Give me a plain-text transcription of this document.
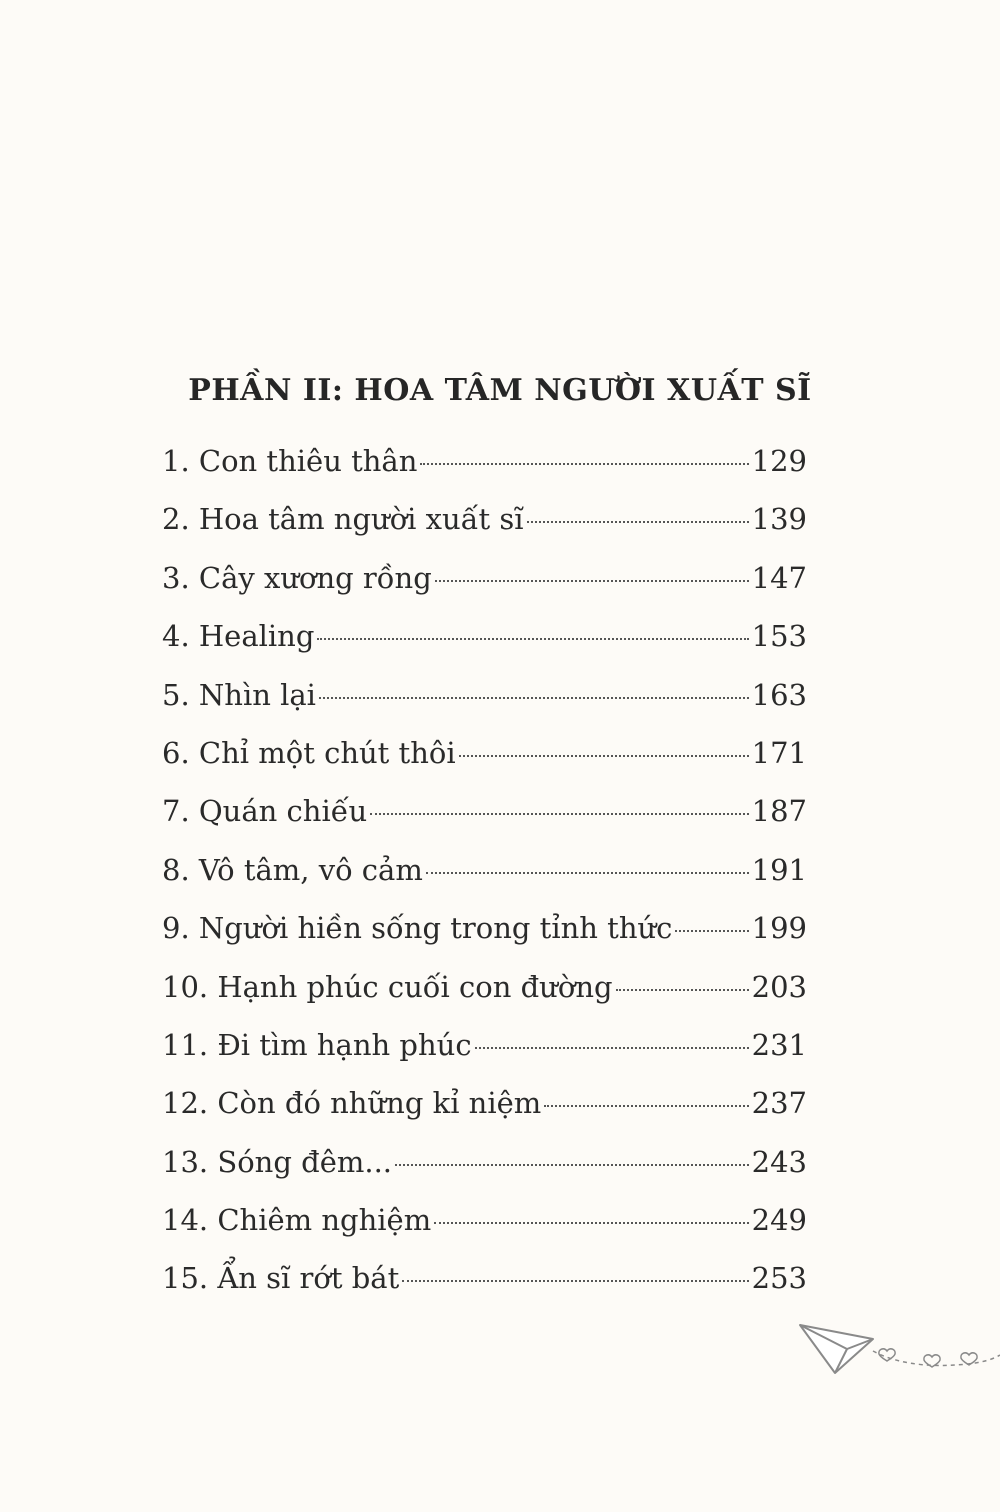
PHẦN II: HOA TÂM NGƯỜI XUẤT SĨ
1. Con thiêu thân	129
2. Hoa tâm người xuất sĩ	139
3. Cây xương rồng	147
4. Healing	153
5. Nhìn lại	163
6. Chỉ một chút thôi	171
7. Quán chiếu	187
8. Vô tâm, vô cảm	191
9. Người hiền sống trong tỉnh thức	199
10. Hạnh phúc cuối con đường	203
11. Đi tìm hạnh phúc	231
12. Còn đó những kỉ niệm	237
13. Sóng đêm...	243
14. Chiêm nghiệm	249
15. Ẩn sĩ rớt bát	253
